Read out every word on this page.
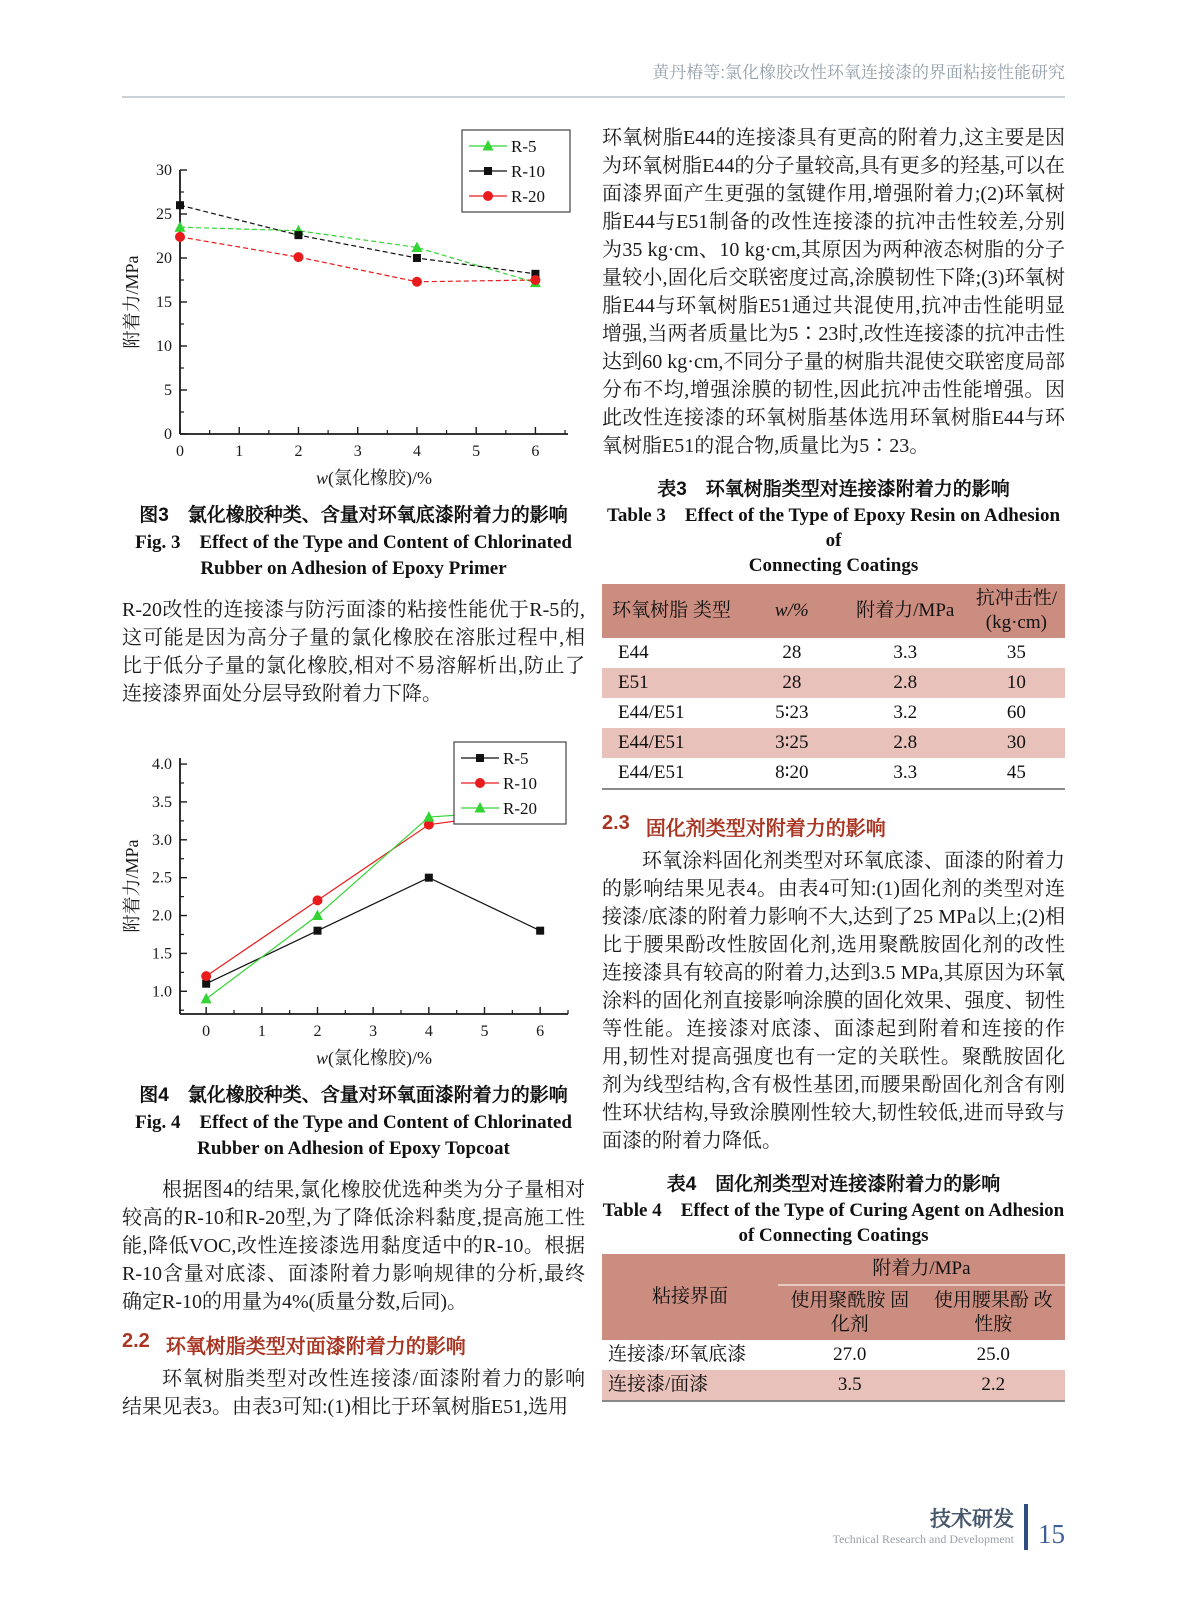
黄丹椿等:氯化橡胶改性环氧连接漆的界面粘接性能研究
0	1	2	3	4	5	6
0
5
10
15
20
25
30
w(氯化橡胶)/%
附着力/MPa
R-5
R-10
R-20
图3　氯化橡胶种类、含量对环氧底漆附着力的影响
Fig. 3　Effect of the Type and Content of Chlorinated
Rubber on Adhesion of Epoxy Primer

R-20改性的连接漆与防污面漆的粘接性能优于R-5的,这可能是因为高分子量的氯化橡胶在溶胀过程中,相比于低分子量的氯化橡胶,相对不易溶解析出,防止了连接漆界面处分层导致附着力下降。

0	1	2	3	4	5	6
1.0
1.5
2.0
2.5
3.0
3.5
4.0
w(氯化橡胶)/%
附着力/MPa
R-5
R-10
R-20
图4　氯化橡胶种类、含量对环氧面漆附着力的影响
Fig. 4　Effect of the Type and Content of Chlorinated
Rubber on Adhesion of Epoxy Topcoat

根据图4的结果,氯化橡胶优选种类为分子量相对较高的R-10和R-20型,为了降低涂料黏度,提高施工性能,降低VOC,改性连接漆选用黏度适中的R-10。根据R-10含量对底漆、面漆附着力影响规律的分析,最终确定R-10的用量为4%(质量分数,后同)。

2.2 环氧树脂类型对面漆附着力的影响

环氧树脂类型对改性连接漆/面漆附着力的影响结果见表3。由表3可知:(1)相比于环氧树脂E51,选用

环氧树脂E44的连接漆具有更高的附着力,这主要是因为环氧树脂E44的分子量较高,具有更多的羟基,可以在面漆界面产生更强的氢键作用,增强附着力;(2)环氧树脂E44与E51制备的改性连接漆的抗冲击性较差,分别为35 kg·cm、10 kg·cm,其原因为两种液态树脂的分子量较小,固化后交联密度过高,涂膜韧性下降;(3)环氧树脂E44与环氧树脂E51通过共混使用,抗冲击性能明显增强,当两者质量比为5∶23时,改性连接漆的抗冲击性达到60 kg·cm,不同分子量的树脂共混使交联密度局部分布不均,增强涂膜的韧性,因此抗冲击性能增强。因此改性连接漆的环氧树脂基体选用环氧树脂E44与环氧树脂E51的混合物,质量比为5∶23。

表3　环氧树脂类型对连接漆附着力的影响
Table 3　Effect of the Type of Epoxy Resin on Adhesion of
Connecting Coatings
环氧树脂 类型	w/%	附着力/MPa	抗冲击性/ (kg·cm)
E44	28	3.3	35
E51	28	2.8	10
E44/E51	5∶23	3.2	60
E44/E51	3∶25	2.8	30
E44/E51	8∶20	3.3	45
2.3 固化剂类型对附着力的影响

环氧涂料固化剂类型对环氧底漆、面漆的附着力的影响结果见表4。由表4可知:(1)固化剂的类型对连接漆/底漆的附着力影响不大,达到了25 MPa以上;(2)相比于腰果酚改性胺固化剂,选用聚酰胺固化剂的改性连接漆具有较高的附着力,达到3.5 MPa,其原因为环氧涂料的固化剂直接影响涂膜的固化效果、强度、韧性等性能。连接漆对底漆、面漆起到附着和连接的作用,韧性对提高强度也有一定的关联性。聚酰胺固化剂为线型结构,含有极性基团,而腰果酚固化剂含有刚性环状结构,导致涂膜刚性较大,韧性较低,进而导致与面漆的附着力降低。

表4　固化剂类型对连接漆附着力的影响
Table 4　Effect of the Type of Curing Agent on Adhesion
of Connecting Coatings
粘接界面	附着力/MPa	
	使用聚酰胺 固化剂	使用腰果酚 改性胺
连接漆/环氧底漆	27.0	25.0
连接漆/面漆	3.5	2.2
技术研发
Technical Research and Development 15
